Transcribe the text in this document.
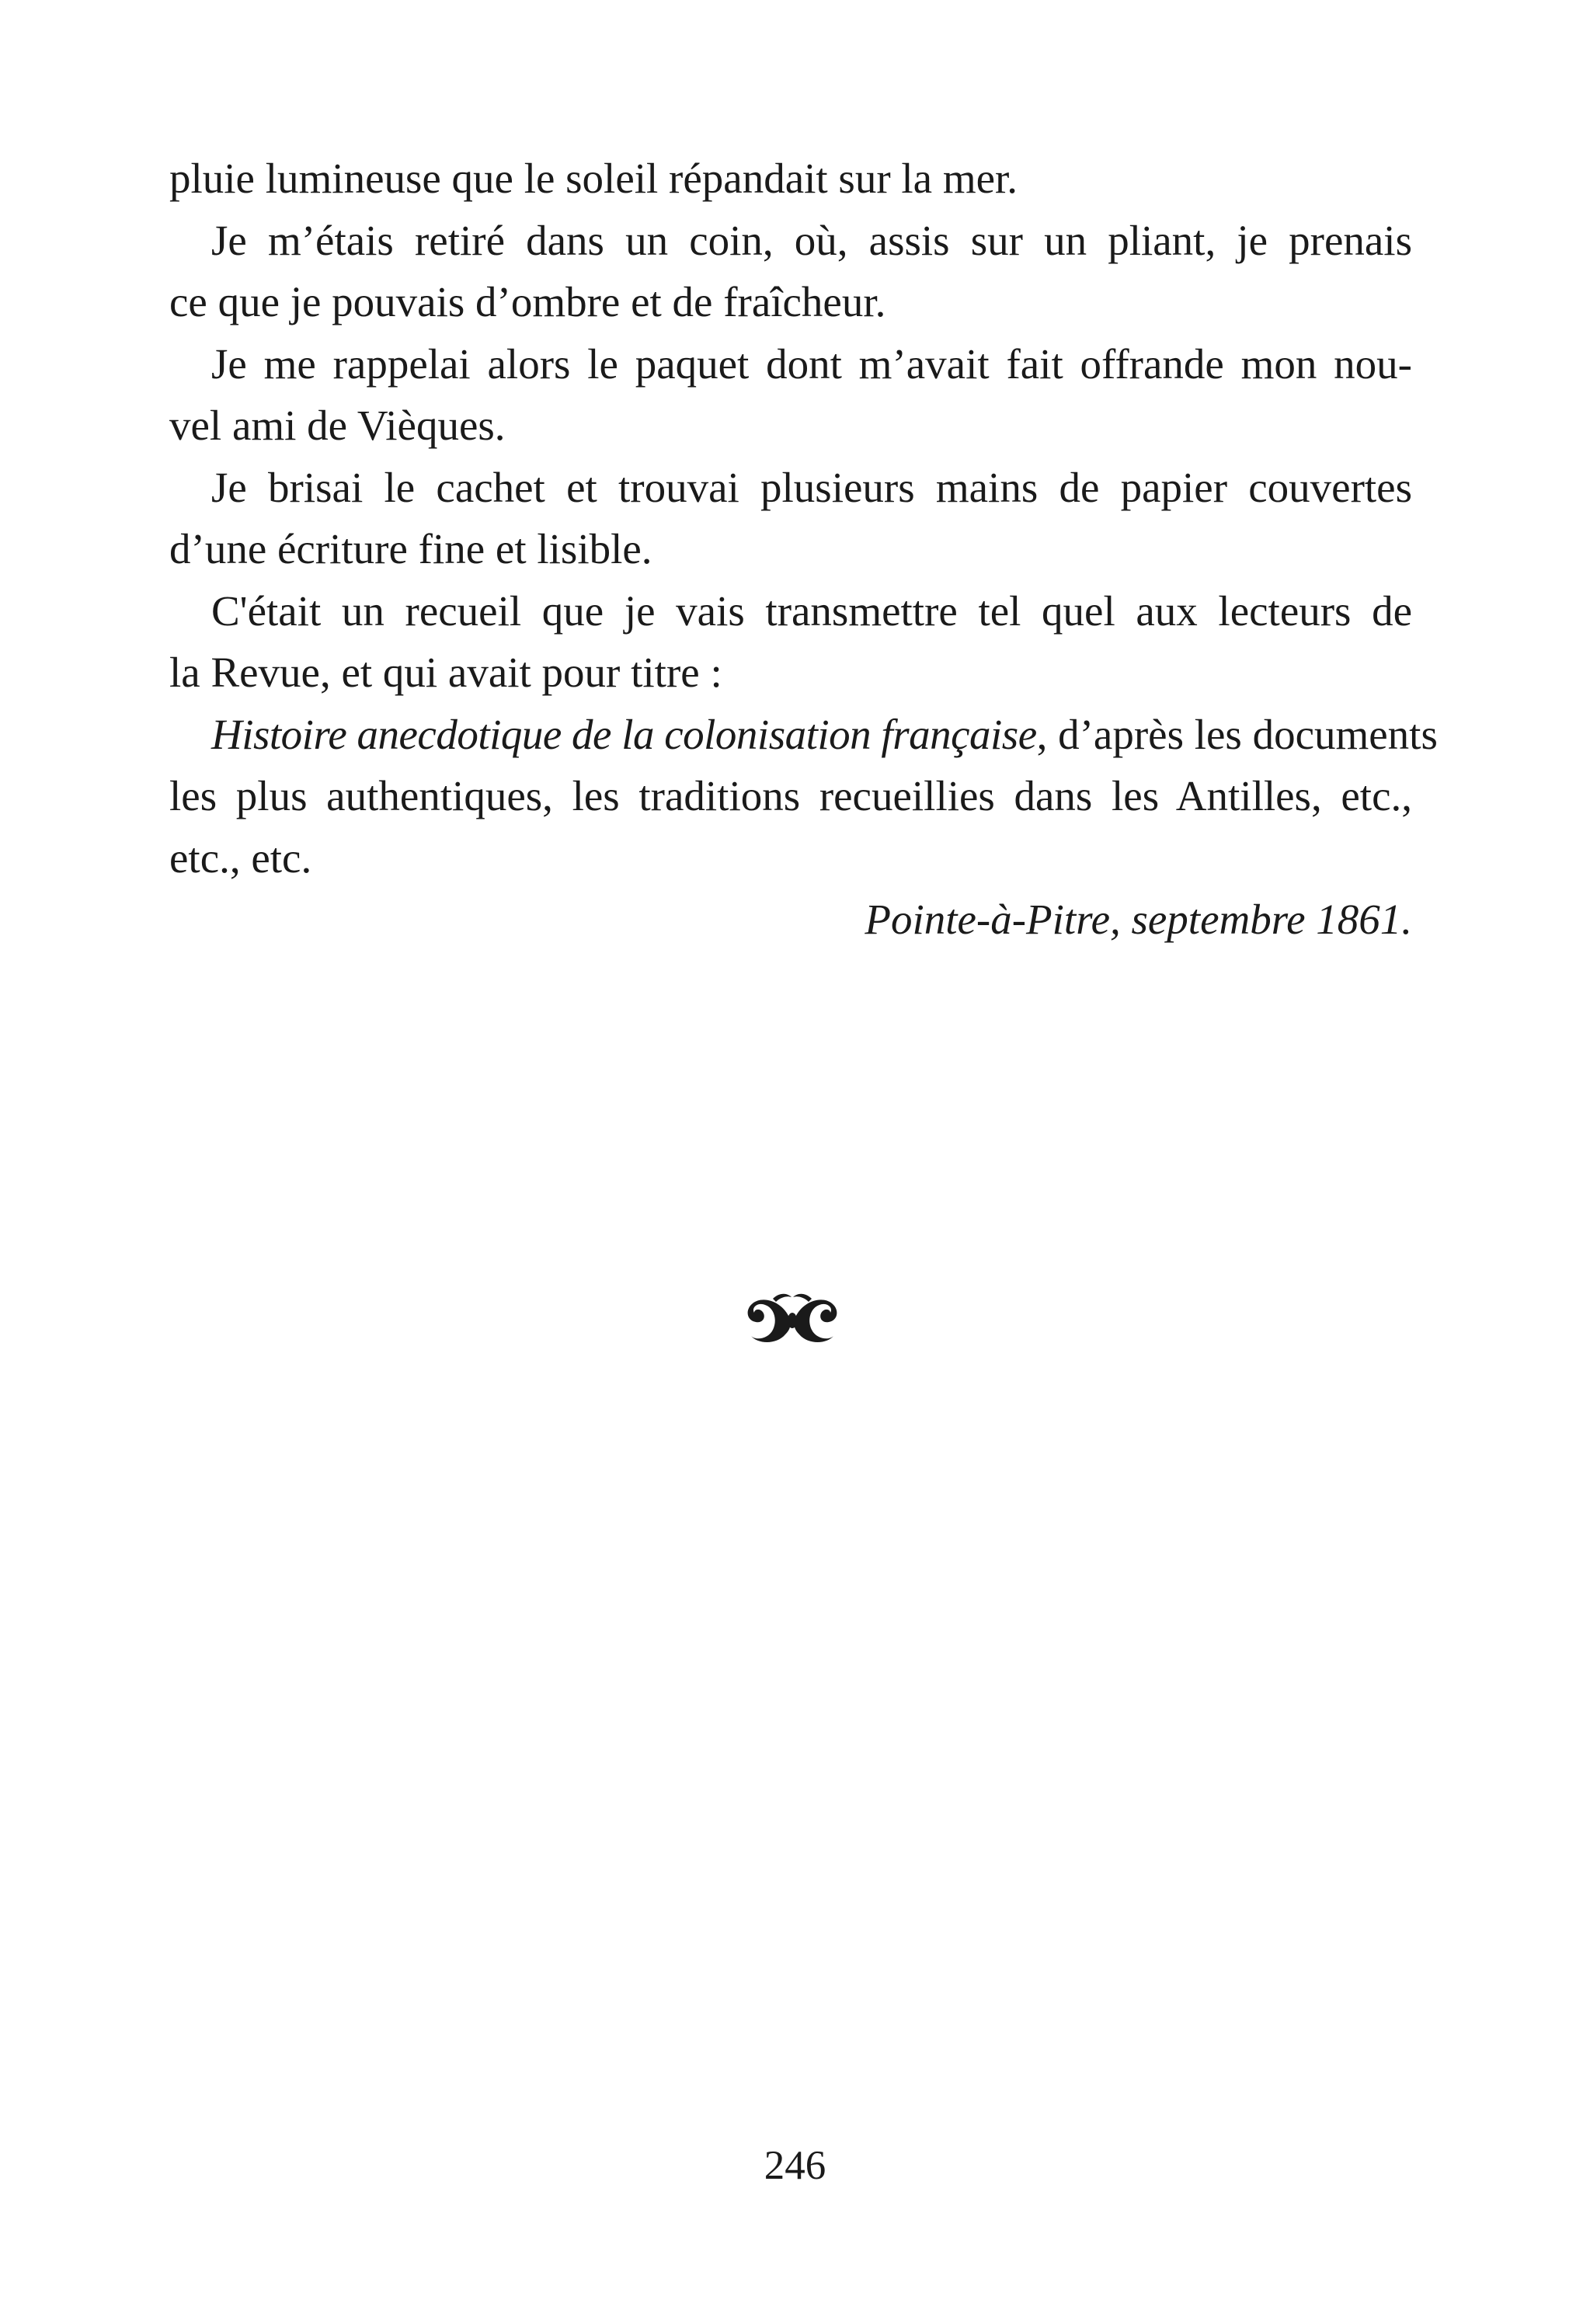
pluie lumineuse que le soleil répandait sur la mer.
Je m’étais retiré dans un coin, où, assis sur un pliant, je prenais
ce que je pouvais d’ombre et de fraîcheur.
Je me rappelai alors le paquet dont m’avait fait offrande mon nou-
vel ami de Vièques.
Je brisai le cachet et trouvai plusieurs mains de papier couvertes
d’une écriture fine et lisible.
C'était un recueil que je vais transmettre tel quel aux lecteurs de
la Revue, et qui avait pour titre :
Histoire anecdotique de la colonisation française, d’après les documents
les plus authentiques, les traditions recueillies dans les Antilles, etc.,
etc., etc.
Pointe-à-Pitre, septembre 1861.
246
